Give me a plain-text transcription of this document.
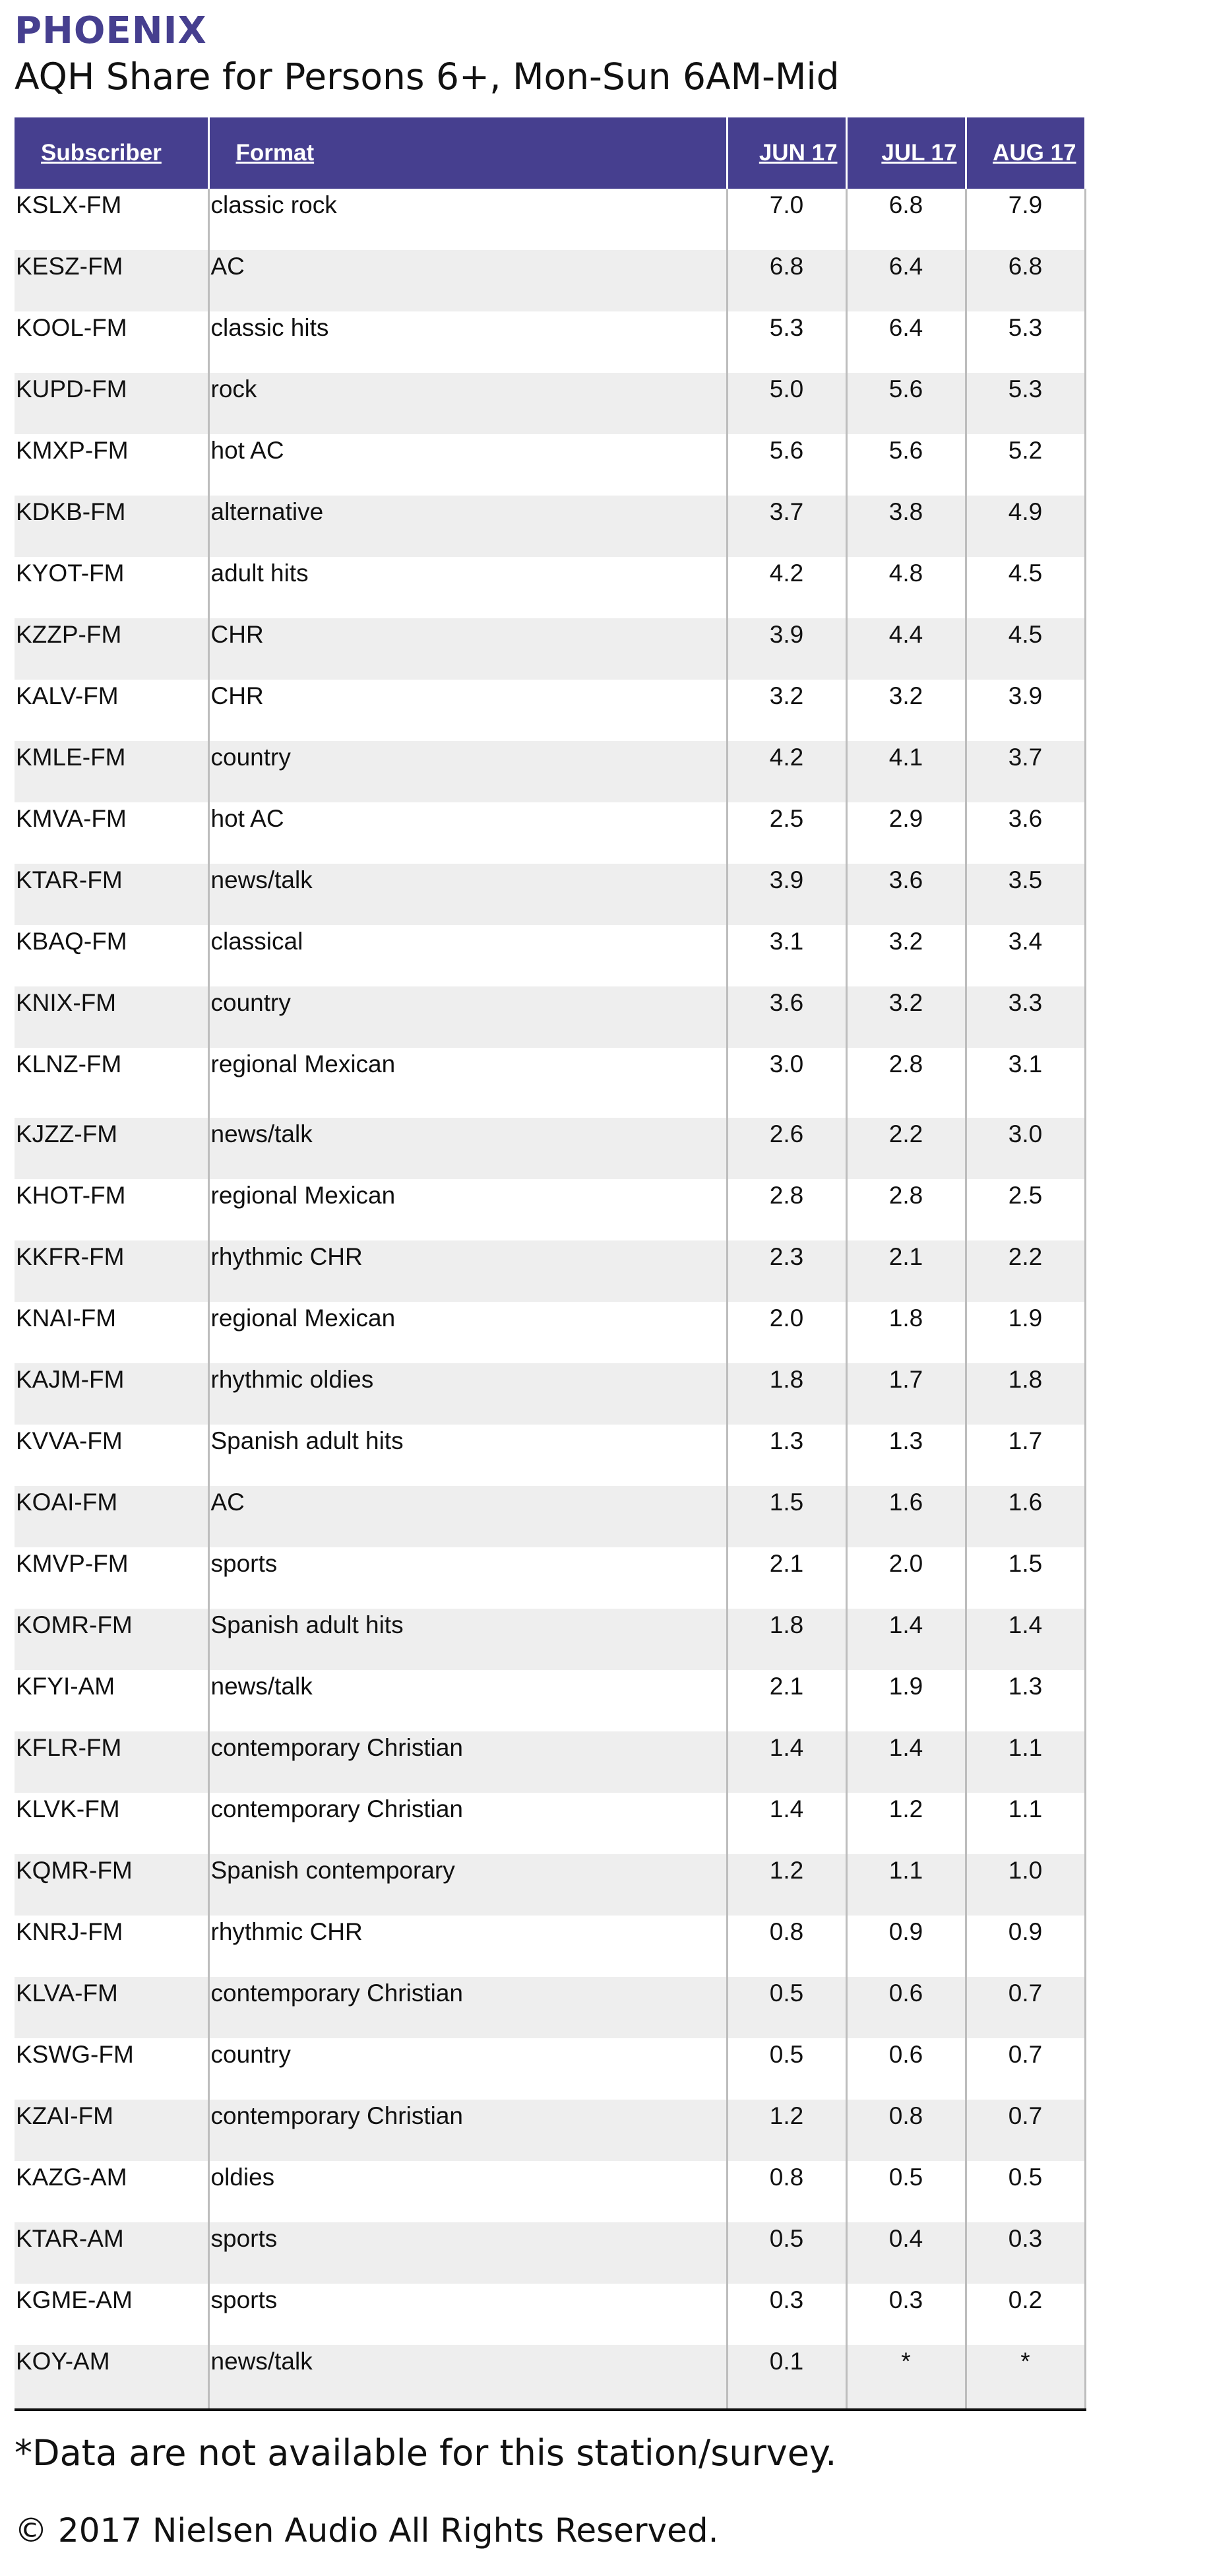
PHOENIX
AQH Share for Persons 6+, Mon-Sun 6AM-Mid
Subscriber	Format	JUN 17	JUL 17	AUG 17

KSLX-FM	classic rock	7.0	6.8	7.9

KESZ-FM	AC	6.8	6.4	6.8

KOOL-FM	classic hits	5.3	6.4	5.3

KUPD-FM	rock	5.0	5.6	5.3

KMXP-FM	hot AC	5.6	5.6	5.2

KDKB-FM	alternative	3.7	3.8	4.9

KYOT-FM	adult hits	4.2	4.8	4.5

KZZP-FM	CHR	3.9	4.4	4.5

KALV-FM	CHR	3.2	3.2	3.9

KMLE-FM	country	4.2	4.1	3.7

KMVA-FM	hot AC	2.5	2.9	3.6

KTAR-FM	news/talk	3.9	3.6	3.5

KBAQ-FM	classical	3.1	3.2	3.4

KNIX-FM	country	3.6	3.2	3.3

KLNZ-FM	regional Mexican	3.0	2.8	3.1

KJZZ-FM	news/talk	2.6	2.2	3.0

KHOT-FM	regional Mexican	2.8	2.8	2.5

KKFR-FM	rhythmic CHR	2.3	2.1	2.2

KNAI-FM	regional Mexican	2.0	1.8	1.9

KAJM-FM	rhythmic oldies	1.8	1.7	1.8

KVVA-FM	Spanish adult hits	1.3	1.3	1.7

KOAI-FM	AC	1.5	1.6	1.6

KMVP-FM	sports	2.1	2.0	1.5

KOMR-FM	Spanish adult hits	1.8	1.4	1.4

KFYI-AM	news/talk	2.1	1.9	1.3

KFLR-FM	contemporary Christian	1.4	1.4	1.1

KLVK-FM	contemporary Christian	1.4	1.2	1.1

KQMR-FM	Spanish contemporary	1.2	1.1	1.0

KNRJ-FM	rhythmic CHR	0.8	0.9	0.9

KLVA-FM	contemporary Christian	0.5	0.6	0.7

KSWG-FM	country	0.5	0.6	0.7

KZAI-FM	contemporary Christian	1.2	0.8	0.7

KAZG-AM	oldies	0.8	0.5	0.5

KTAR-AM	sports	0.5	0.4	0.3

KGME-AM	sports	0.3	0.3	0.2

KOY-AM	news/talk	0.1	*	*
*Data are not available for this station/survey.
© 2017 Nielsen Audio All Rights Reserved.
